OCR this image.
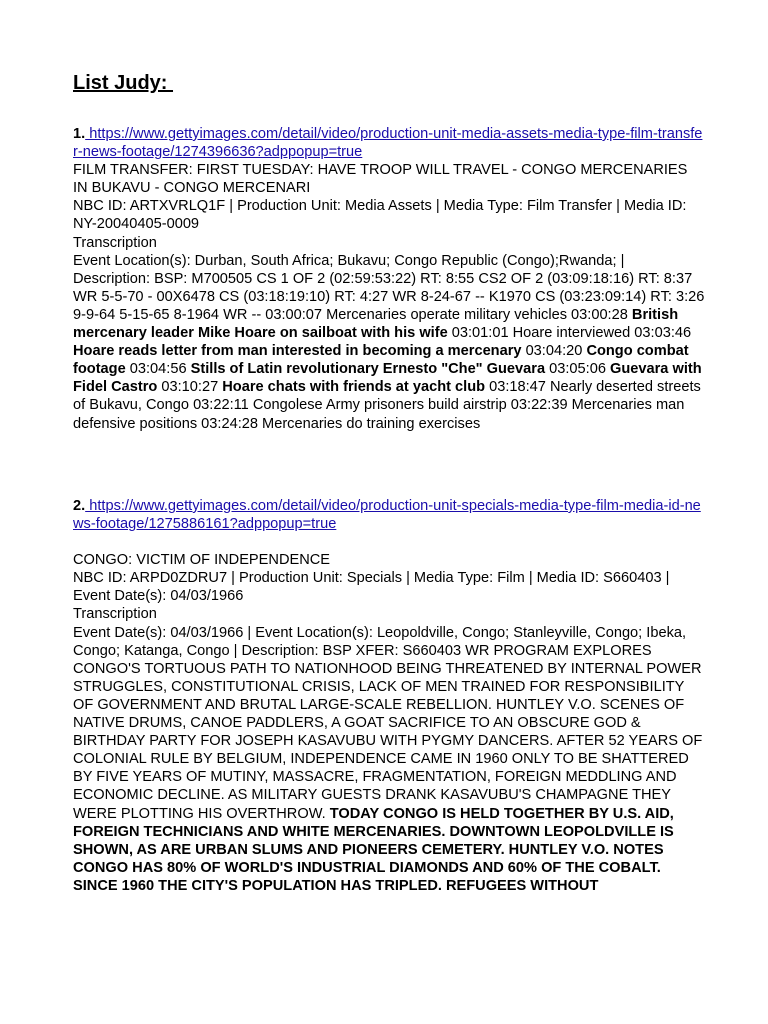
List Judy:
1. https://www.gettyimages.com/detail/video/production-unit-media-assets-media-type-film-transfer-news-footage/1274396636?adppopup=true
FILM TRANSFER: FIRST TUESDAY: HAVE TROOP WILL TRAVEL - CONGO MERCENARIES IN BUKAVU - CONGO MERCENARI
NBC ID: ARTXVRLQ1F | Production Unit: Media Assets | Media Type: Film Transfer | Media ID: NY-20040405-0009
Transcription
Event Location(s): Durban, South Africa; Bukavu; Congo Republic (Congo);Rwanda; | Description: BSP: M700505 CS 1 OF 2 (02:59:53:22) RT: 8:55 CS2 OF 2 (03:09:18:16) RT: 8:37 WR 5-5-70 - 00X6478 CS (03:18:19:10) RT: 4:27 WR 8-24-67 -- K1970 CS (03:23:09:14) RT: 3:26 9-9-64 5-15-65 8-1964 WR -- 03:00:07 Mercenaries operate military vehicles 03:00:28 British mercenary leader Mike Hoare on sailboat with his wife 03:01:01 Hoare interviewed 03:03:46 Hoare reads letter from man interested in becoming a mercenary 03:04:20 Congo combat footage 03:04:56 Stills of Latin revolutionary Ernesto "Che" Guevara 03:05:06 Guevara with Fidel Castro 03:10:27 Hoare chats with friends at yacht club 03:18:47 Nearly deserted streets of Bukavu, Congo 03:22:11 Congolese Army prisoners build airstrip 03:22:39 Mercenaries man defensive positions 03:24:28 Mercenaries do training exercises
2. https://www.gettyimages.com/detail/video/production-unit-specials-media-type-film-media-id-news-footage/1275886161?adppopup=true
CONGO: VICTIM OF INDEPENDENCE
NBC ID: ARPD0ZDRU7 | Production Unit: Specials | Media Type: Film | Media ID: S660403 | Event Date(s): 04/03/1966
Transcription
Event Date(s): 04/03/1966 | Event Location(s): Leopoldville, Congo; Stanleyville, Congo; Ibeka, Congo; Katanga, Congo | Description: BSP XFER: S660403 WR PROGRAM EXPLORES CONGO'S TORTUOUS PATH TO NATIONHOOD BEING THREATENED BY INTERNAL POWER STRUGGLES, CONSTITUTIONAL CRISIS, LACK OF MEN TRAINED FOR RESPONSIBILITY OF GOVERNMENT AND BRUTAL LARGE-SCALE REBELLION. HUNTLEY V.O. SCENES OF NATIVE DRUMS, CANOE PADDLERS, A GOAT SACRIFICE TO AN OBSCURE GOD & BIRTHDAY PARTY FOR JOSEPH KASAVUBU WITH PYGMY DANCERS. AFTER 52 YEARS OF COLONIAL RULE BY BELGIUM, INDEPENDENCE CAME IN 1960 ONLY TO BE SHATTERED BY FIVE YEARS OF MUTINY, MASSACRE, FRAGMENTATION, FOREIGN MEDDLING AND ECONOMIC DECLINE. AS MILITARY GUESTS DRANK KASAVUBU'S CHAMPAGNE THEY WERE PLOTTING HIS OVERTHROW. TODAY CONGO IS HELD TOGETHER BY U.S. AID, FOREIGN TECHNICIANS AND WHITE MERCENARIES. DOWNTOWN LEOPOLDVILLE IS SHOWN, AS ARE URBAN SLUMS AND PIONEERS CEMETERY. HUNTLEY V.O. NOTES CONGO HAS 80% OF WORLD'S INDUSTRIAL DIAMONDS AND 60% OF THE COBALT. SINCE 1960 THE CITY'S POPULATION HAS TRIPLED. REFUGEES WITHOUT
